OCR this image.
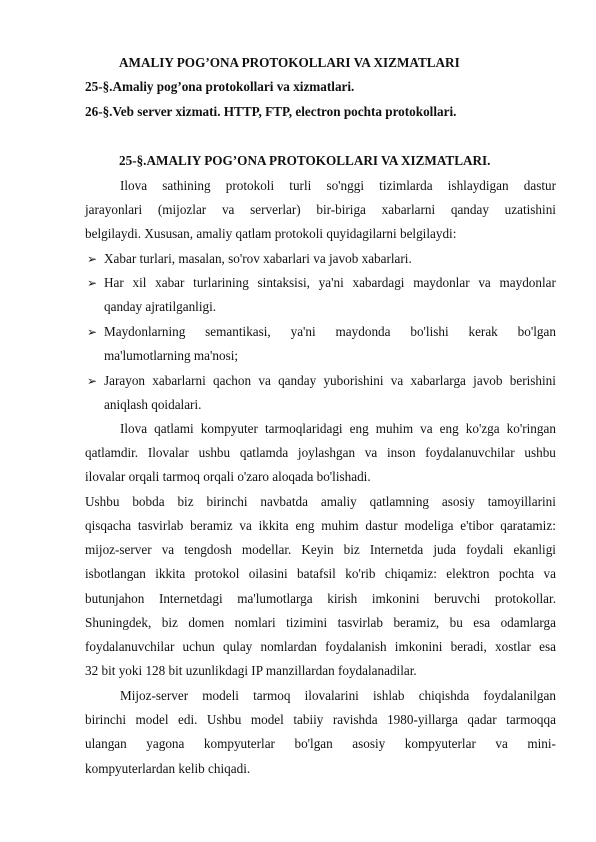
AMALIY POG’ONA PROTOKOLLARI VA XIZMATLARI
25-§.Amaliy pog’ona protokollari va xizmatlari.
26-§.Veb server xizmati. HTTP, FTP, electron pochta protokollari.
25-§.AMALIY POG’ONA PROTOKOLLARI VA XIZMATLARI.
Ilova sathining protokoli turli so'nggi tizimlarda ishlaydigan dastur
jarayonlari (mijozlar va serverlar) bir-biriga xabarlarni qanday uzatishini
belgilaydi. Xususan, amaliy qatlam protokoli quyidagilarni belgilaydi:
➢ Xabar turlari, masalan, so'rov xabarlari va javob xabarlari.
➢ Har xil xabar turlarining sintaksisi, ya'ni xabardagi maydonlar va maydonlar
qanday ajratilganligi.
➢ Maydonlarning semantikasi, ya'ni maydonda bo'lishi kerak bo'lgan
ma'lumotlarning ma'nosi;
➢ Jarayon xabarlarni qachon va qanday yuborishini va xabarlarga javob berishini
aniqlash qoidalari.
Ilova qatlami kompyuter tarmoqlaridagi eng muhim va eng ko'zga ko'ringan
qatlamdir. Ilovalar ushbu qatlamda joylashgan va inson foydalanuvchilar ushbu
ilovalar orqali tarmoq orqali o'zaro aloqada bo'lishadi.
Ushbu bobda biz birinchi navbatda amaliy qatlamning asosiy tamoyillarini
qisqacha tasvirlab beramiz va ikkita eng muhim dastur modeliga e'tibor qaratamiz:
mijoz-server va tengdosh modellar. Keyin biz Internetda juda foydali ekanligi
isbotlangan ikkita protokol oilasini batafsil ko'rib chiqamiz: elektron pochta va
butunjahon Internetdagi ma'lumotlarga kirish imkonini beruvchi protokollar.
Shuningdek, biz domen nomlari tizimini tasvirlab beramiz, bu esa odamlarga
foydalanuvchilar uchun qulay nomlardan foydalanish imkonini beradi, xostlar esa
32 bit yoki 128 bit uzunlikdagi IP manzillardan foydalanadilar.
Mijoz-server modeli tarmoq ilovalarini ishlab chiqishda foydalanilgan
birinchi model edi. Ushbu model tabiiy ravishda 1980-yillarga qadar tarmoqqa
ulangan yagona kompyuterlar bo'lgan asosiy kompyuterlar va mini-
kompyuterlardan kelib chiqadi.
